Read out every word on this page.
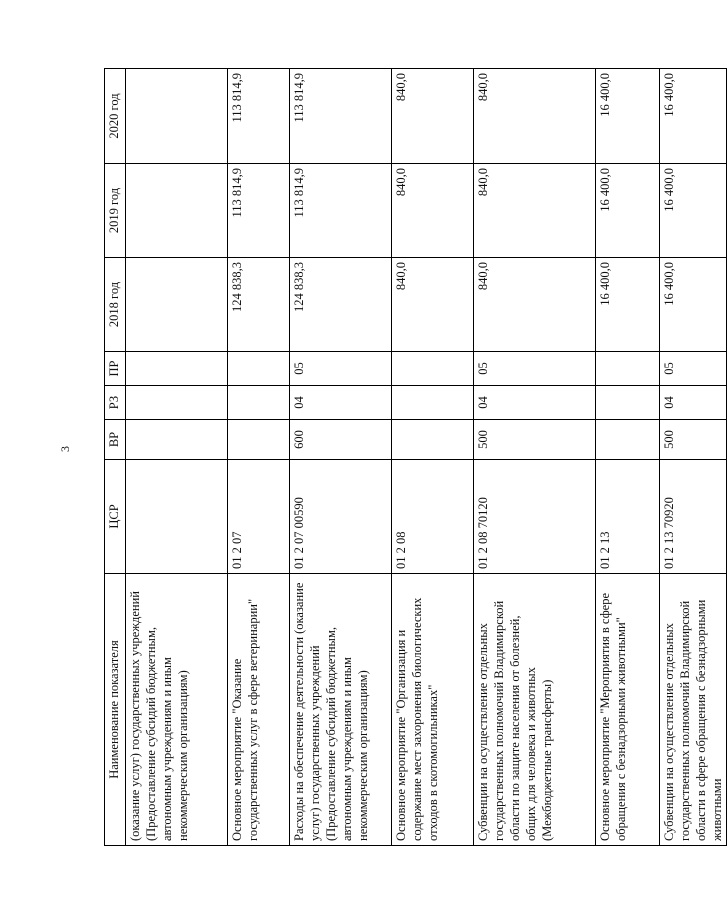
3
Наименование показателя	ЦСР	ВР	РЗ	ПР	2018 год	2019 год	2020 год
(оказание услуг) государственных учреждений (Предоставление субсидий бюджетным, автономным учреждениям и иным некоммерческим организациям)							
Основное мероприятие "Оказание государственных услуг в сфере ветеринарии"	01 2 07				124 838,3	113 814,9	113 814,9
Расходы на обеспечение деятельности (оказание услуг) государственных учреждений (Предоставление субсидий бюджетным, автономным учреждениям и иным некоммерческим организациям)	01 2 07 00590	600	04	05	124 838,3	113 814,9	113 814,9
Основное мероприятие "Организация и содержание мест захоронения биологических отходов в скотомогильниках"	01 2 08				840,0	840,0	840,0
Субвенции на осуществление отдельных государственных полномочий Владимирской области по защите населения от болезней, общих для человека и животных (Межбюджетные трансферты)	01 2 08 70120	500	04	05	840,0	840,0	840,0
Основное мероприятие "Мероприятия в сфере обращения с безнадзорными животными"	01 2 13				16 400,0	16 400,0	16 400,0
Субвенции на осуществление отдельных государственных полномочий Владимирской области в сфере обращения с безнадзорными животными	01 2 13 70920	500	04	05	16 400,0	16 400,0	16 400,0
